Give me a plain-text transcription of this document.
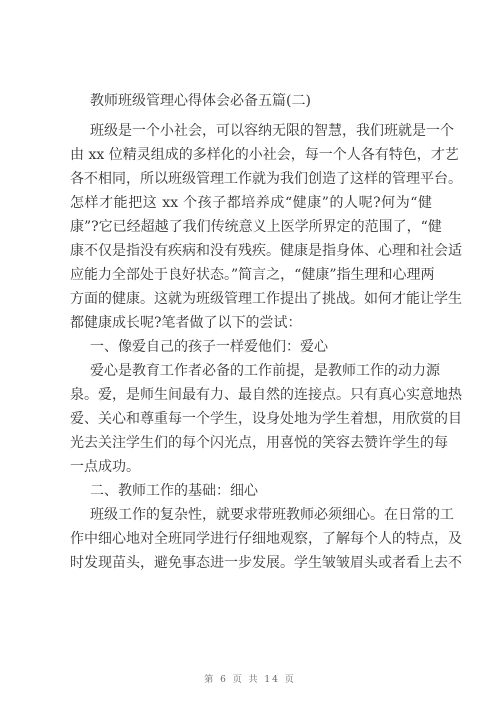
教师班级管理心得体会必备五篇(二)
班级是一个小社会，可以容纳无限的智慧，我们班就是一个
由 xx 位精灵组成的多样化的小社会，每一个人各有特色，才艺
各不相同，所以班级管理工作就为我们创造了这样的管理平台。
怎样才能把这 xx 个孩子都培养成“健康”的人呢?何为“健
康”?它已经超越了我们传统意义上医学所界定的范围了，“健
康不仅是指没有疾病和没有残疾。健康是指身体、心理和社会适
应能力全部处于良好状态。”简言之，“健康”指生理和心理两
方面的健康。这就为班级管理工作提出了挑战。如何才能让学生
都健康成长呢?笔者做了以下的尝试：
一、像爱自己的孩子一样爱他们：爱心
爱心是教育工作者必备的工作前提，是教师工作的动力源
泉。爱，是师生间最有力、最自然的连接点。只有真心实意地热
爱、关心和尊重每一个学生，设身处地为学生着想，用欣赏的目
光去关注学生们的每个闪光点，用喜悦的笑容去赞许学生的每
一点成功。
二、教师工作的基础：细心
班级工作的复杂性，就要求带班教师必须细心。在日常的工
作中细心地对全班同学进行仔细地观察，了解每个人的特点，及
时发现苗头，避免事态进一步发展。学生皱皱眉头或者看上去不
第 6 页 共 14 页
